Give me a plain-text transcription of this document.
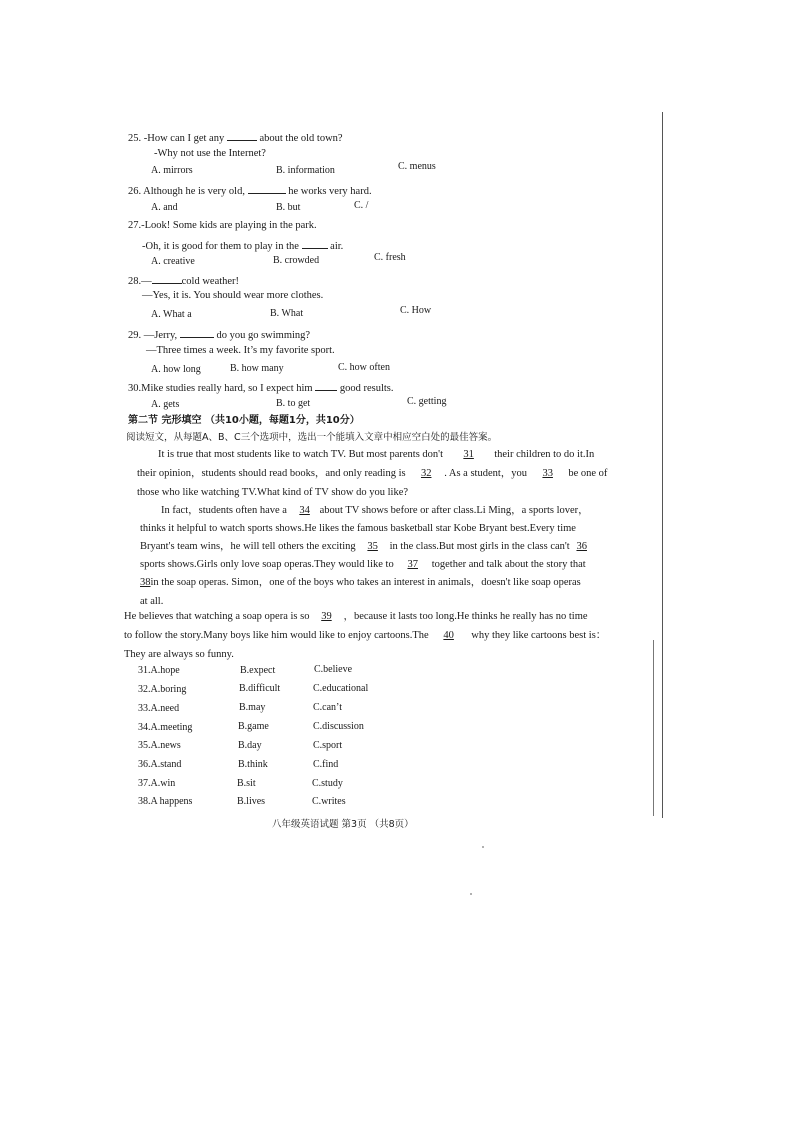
25. -How can I get any	about the old town?
-Why not use the Internet?
A. mirrors	B. information	C. menus
26. Although he is very old,	he works very hard.
A. and	B. but	C. /
27.-Look! Some kids are playing in the park.
-Oh, it is good for them to play in the  air.
A. creative	B. crowded	C. fresh
28.—	cold weather!
—Yes, it is. You should wear more clothes.
A. What a	B. What	C. How
29. —Jerry,	do you go swimming?
—Three times a week. It’s my favorite sport.
A. how long	B. how many	C. how often
30.Mike studies really hard, so I expect him  good results.
A. gets	B. to get	C. getting
第二节 完形填空 （共10小题，每题1分，共10分）
阅读短文，从每题A、B、C三个选项中，选出一个能填入文章中相应空白处的最佳答案。
It is true that most students like to watch TV. But most parents don't 31 their children to do it.In
their opinion，students should read books，and only reading is 32 . As a student，you 33 be one of
those who like watching TV.What kind of TV show do you like?
In fact，students often have a 34 about TV shows before or after class.Li Ming，a sports lover，
thinks it helpful to watch sports shows.He likes the famous basketball star Kobe Bryant best.Every time
Bryant's team wins，he will tell others the exciting 35 in the class.But most girls in the class can't 36
sports shows.Girls only love soap operas.They would like to 37 together and talk about the story that
38in the soap operas. Simon，one of the boys who takes an interest in animals，doesn't like soap operas
at all.
He believes that watching a soap opera is so 39 ，because it lasts too long.He thinks he really has no time
to follow the story.Many boys like him would like to enjoy cartoons.The 40 why they like cartoons best is：
They are always so funny.
31.A.hope	B.expect	C.believe
32.A.boring	B.difficult	C.educational
33.A.need	B.may	C.can’t
34.A.meeting	B.game	C.discussion
35.A.news	B.day	C.sport
36.A.stand	B.think	C.find
37.A.win	B.sit	C.study
38.A happens	B.lives	C.writes
八年级英语试题 第3页 （共8页）
